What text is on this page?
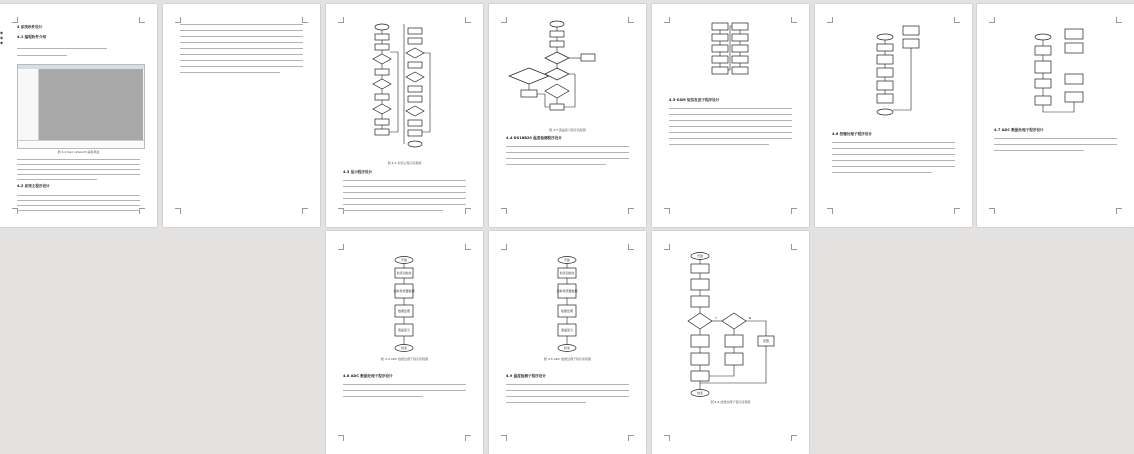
4 系统软件设计
4.1 编程软件介绍
图 4-1 Keil uVision5 编程界面
4.2 系统主程序设计
◆
◆
◆
图 4-2 系统主程序流程图
4.3 显示程序设计
图 4-3 液晶显示程序流程图
4.4 DS18B20 温度检测程序设计
4.5 GSM 短信发送子程序设计
4.6 按键处理子程序设计
4.7 ADC 数据处理子程序设计
开始
系统初始化
读取传感器数据
数据处理
液晶显示
结束
图 4-4 ADC 数据处理子程序流程图
4.8 ADC 数据处理子程序设计
开始
系统初始化
读取传感器数据
数据处理
液晶显示
结束
图 4-5 ADC 数据处理子程序流程图
4.9 温度检测子程序设计
开始
Y	N
报警
结束
图 4-6 按键处理子程序流程图
